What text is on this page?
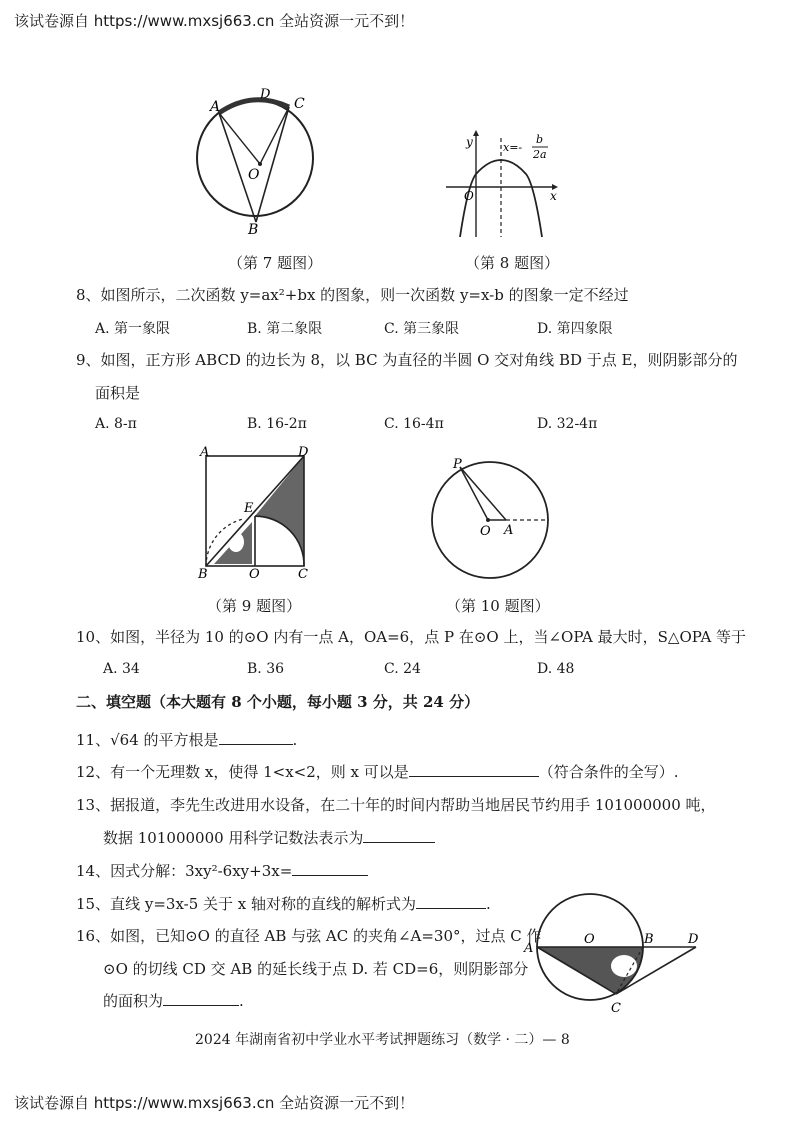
该试卷源自 https://www.mxsj663.cn 全站资源一元不到！
A
D
C
O
B
（第 7 题图）
y	x=-
b
2a
O	x
（第 8 题图）
8、如图所示，二次函数 y=ax²+bx 的图象，则一次函数 y=x-b 的图象一定不经过
A. 第一象限	B. 第二象限	C. 第三象限	D. 第四象限
9、如图，正方形 ABCD 的边长为 8，以 BC 为直径的半圆 O 交对角线 BD 于点 E，则阴影部分的
面积是
A. 8-π	B. 16-2π	C. 16-4π	D. 32-4π
A	D
E
B	O	C
（第 9 题图）
P
O A
（第 10 题图）
10、如图，半径为 10 的⊙O 内有一点 A，OA=6，点 P 在⊙O 上，当∠OPA 最大时，S△OPA 等于
A. 34	B. 36	C. 24	D. 48
二、填空题（本大题有 8 个小题，每小题 3 分，共 24 分）
11、√64 的平方根是	.
12、有一个无理数 x，使得 1<x<2，则 x 可以是	（符合条件的全写）.
13、据报道，李先生改进用水设备，在二十年的时间内帮助当地居民节约用手 101000000 吨，
数据 101000000 用科学记数法表示为
14、因式分解：3xy²-6xy+3x=
15、直线 y=3x-5 关于 x 轴对称的直线的解析式为	.
16、如图，已知⊙O 的直径 AB 与弦 AC 的夹角∠A=30°，过点 C 作
⊙O 的切线 CD 交 AB 的延长线于点 D. 若 CD=6，则阴影部分
的面积为	.
A
O	B	D
C
2024 年湖南省初中学业水平考试押题练习（数学 · 二）— 8
该试卷源自 https://www.mxsj663.cn 全站资源一元不到！
